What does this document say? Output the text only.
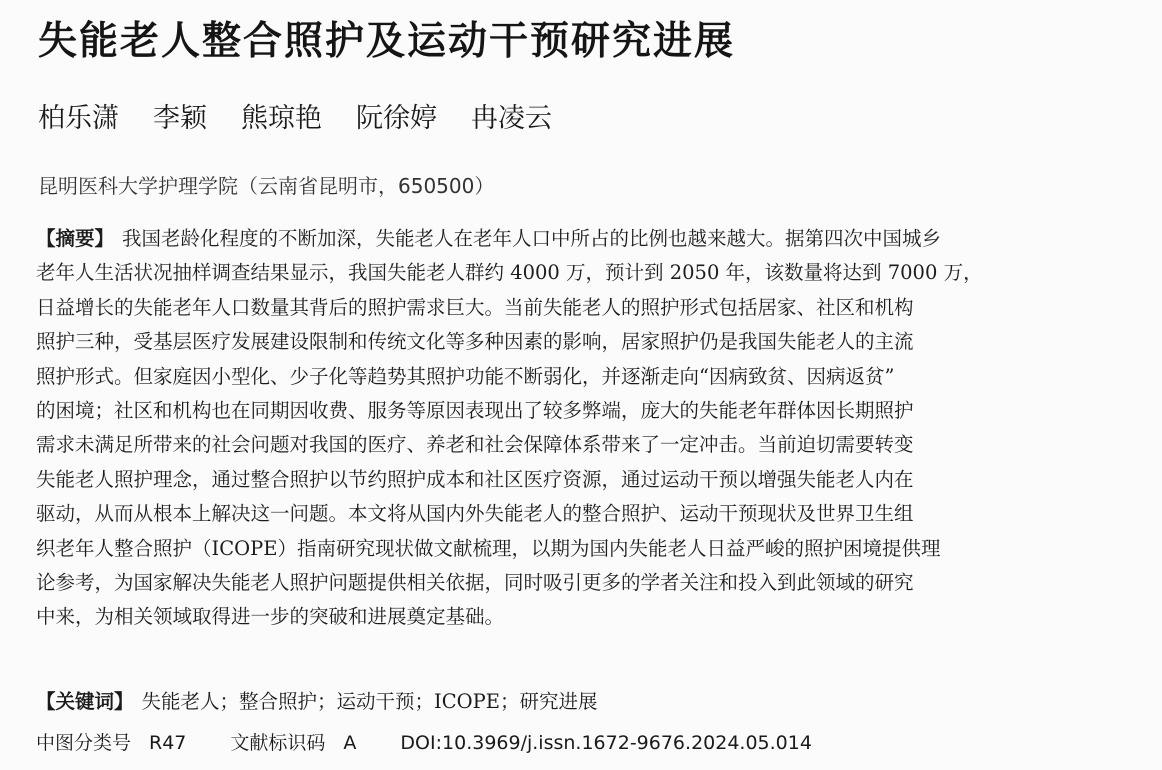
失能老人整合照护及运动干预研究进展
柏乐潇 李颖 熊琼艳 阮徐婷 冉凌云
昆明医科大学护理学院（云南省昆明市，650500）
【摘要】 我国老龄化程度的不断加深，失能老人在老年人口中所占的比例也越来越大。据第四次中国城乡
老年人生活状况抽样调查结果显示，我国失能老人群约 4000 万，预计到 2050 年，该数量将达到 7000 万，
日益增长的失能老年人口数量其背后的照护需求巨大。当前失能老人的照护形式包括居家、社区和机构
照护三种，受基层医疗发展建设限制和传统文化等多种因素的影响，居家照护仍是我国失能老人的主流
照护形式。但家庭因小型化、少子化等趋势其照护功能不断弱化，并逐渐走向“因病致贫、因病返贫”
的困境；社区和机构也在同期因收费、服务等原因表现出了较多弊端，庞大的失能老年群体因长期照护
需求未满足所带来的社会问题对我国的医疗、养老和社会保障体系带来了一定冲击。当前迫切需要转变
失能老人照护理念，通过整合照护以节约照护成本和社区医疗资源，通过运动干预以增强失能老人内在
驱动，从而从根本上解决这一问题。本文将从国内外失能老人的整合照护、运动干预现状及世界卫生组
织老年人整合照护（ICOPE）指南研究现状做文献梳理，以期为国内失能老人日益严峻的照护困境提供理
论参考，为国家解决失能老人照护问题提供相关依据，同时吸引更多的学者关注和投入到此领域的研究
中来，为相关领域取得进一步的突破和进展奠定基础。
【关键词】 失能老人；整合照护；运动干预；ICOPE；研究进展
中图分类号 R47 文献标识码 A DOI:10.3969/j.issn.1672-9676.2024.05.014
